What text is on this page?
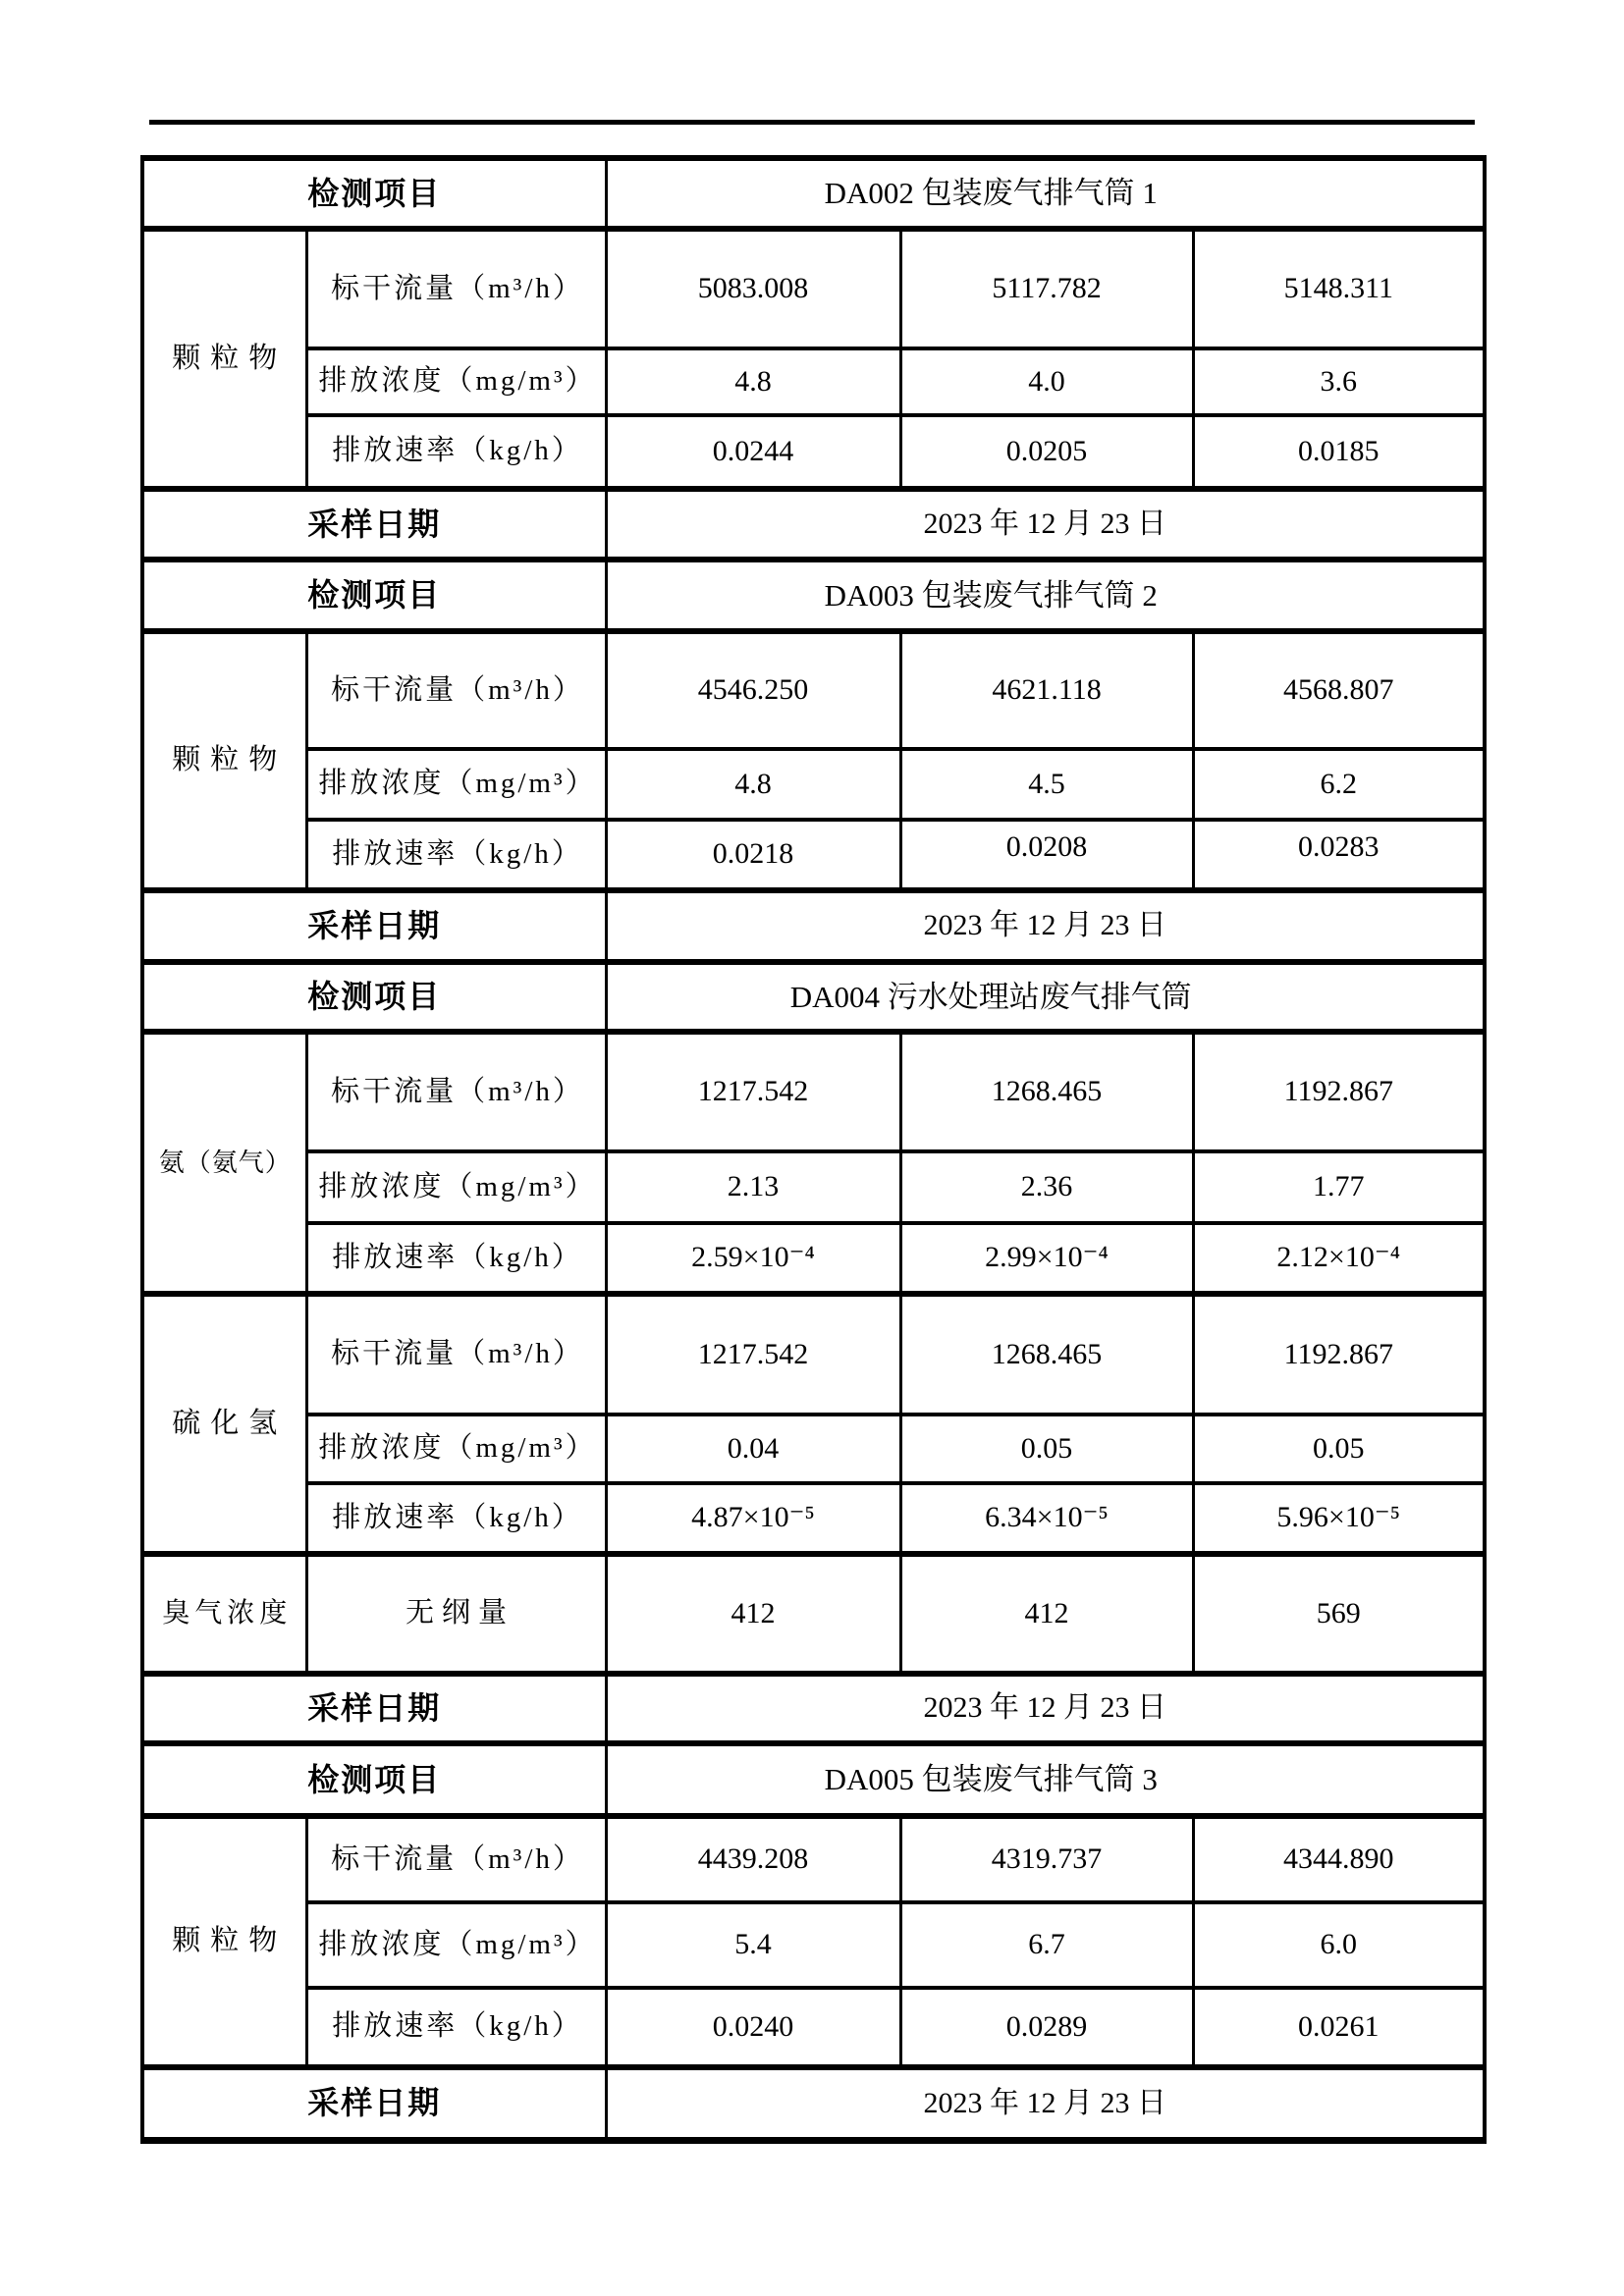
检测项目		DA002 包装废气排气筒 1		
颗粒物	标干流量（m³/h）	5083.008	5117.782	5148.311
	排放浓度（mg/m³）	4.8	4.0	3.6
	排放速率（kg/h）	0.0244	0.0205	0.0185
采样日期		2023 年 12 月 23 日		
检测项目		DA003 包装废气排气筒 2		
颗粒物	标干流量（m³/h）	4546.250	4621.118	4568.807
	排放浓度（mg/m³）	4.8	4.5	6.2
	排放速率（kg/h）	0.0218	0.0208	0.0283
采样日期		2023 年 12 月 23 日		
检测项目		DA004 污水处理站废气排气筒		
氨（氨气）	标干流量（m³/h）	1217.542	1268.465	1192.867
	排放浓度（mg/m³）	2.13	2.36	1.77
	排放速率（kg/h）	2.59×10⁻⁴	2.99×10⁻⁴	2.12×10⁻⁴
硫化氢	标干流量（m³/h）	1217.542	1268.465	1192.867
	排放浓度（mg/m³）	0.04	0.05	0.05
	排放速率（kg/h）	4.87×10⁻⁵	6.34×10⁻⁵	5.96×10⁻⁵
臭气浓度	无纲量	412	412	569
采样日期		2023 年 12 月 23 日		
检测项目		DA005 包装废气排气筒 3		
颗粒物	标干流量（m³/h）	4439.208	4319.737	4344.890
	排放浓度（mg/m³）	5.4	6.7	6.0
	排放速率（kg/h）	0.0240	0.0289	0.0261
采样日期		2023 年 12 月 23 日		
